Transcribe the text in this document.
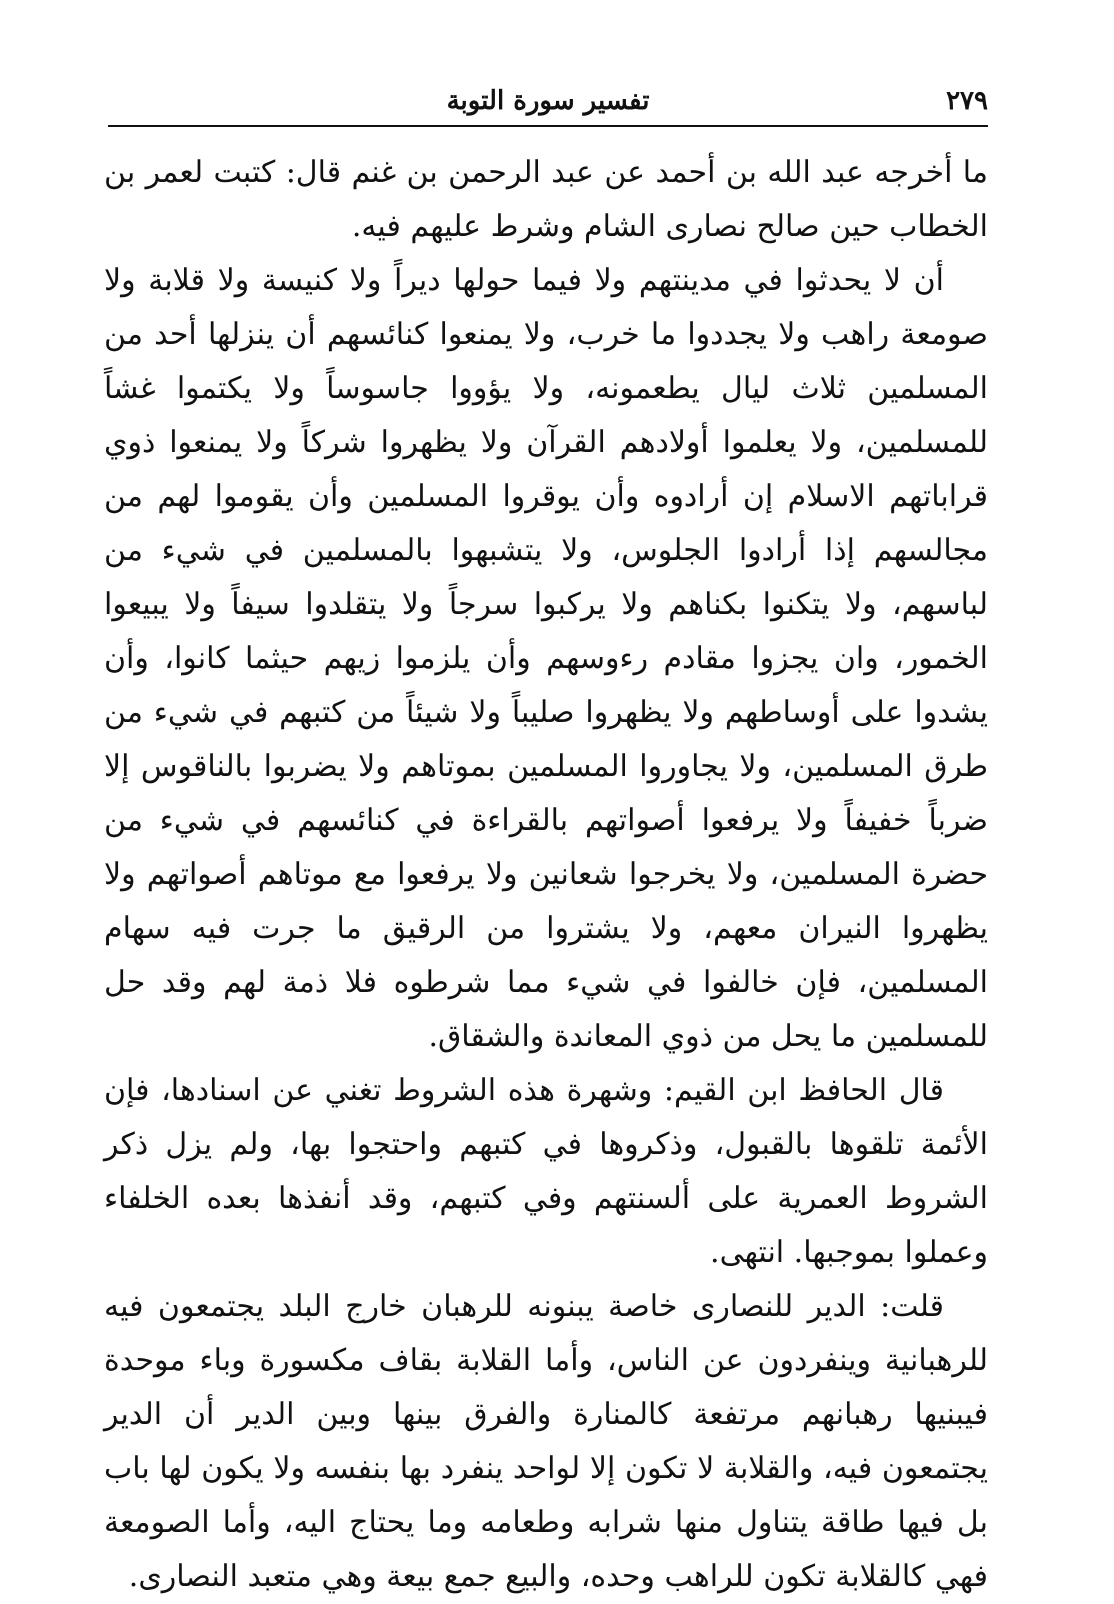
تفسير سورة التوبة	٢٧٩

ما أخرجه عبد الله بن أحمد عن عبد الرحمن بن غنم قال: كتبت لعمر بن الخطاب حين صالح نصارى الشام وشرط عليهم فيه.

أن لا يحدثوا في مدينتهم ولا فيما حولها ديراً ولا كنيسة ولا قلابة ولا صومعة راهب ولا يجددوا ما خرب، ولا يمنعوا كنائسهم أن ينزلها أحد من المسلمين ثلاث ليال يطعمونه، ولا يؤووا جاسوساً ولا يكتموا غشاً للمسلمين، ولا يعلموا أولادهم القرآن ولا يظهروا شركاً ولا يمنعوا ذوي قراباتهم الاسلام إن أرادوه وأن يوقروا المسلمين وأن يقوموا لهم من مجالسهم إذا أرادوا الجلوس، ولا يتشبهوا بالمسلمين في شيء من لباسهم، ولا يتكنوا بكناهم ولا يركبوا سرجاً ولا يتقلدوا سيفاً ولا يبيعوا الخمور، وان يجزوا مقادم رءوسهم وأن يلزموا زيهم حيثما كانوا، وأن يشدوا على أوساطهم ولا يظهروا صليباً ولا شيئاً من كتبهم في شيء من طرق المسلمين، ولا يجاوروا المسلمين بموتاهم ولا يضربوا بالناقوس إلا ضرباً خفيفاً ولا يرفعوا أصواتهم بالقراءة في كنائسهم في شيء من حضرة المسلمين، ولا يخرجوا شعانين ولا يرفعوا مع موتاهم أصواتهم ولا يظهروا النيران معهم، ولا يشتروا من الرقيق ما جرت فيه سهام المسلمين، فإن خالفوا في شيء مما شرطوه فلا ذمة لهم وقد حل للمسلمين ما يحل من ذوي المعاندة والشقاق.

قال الحافظ ابن القيم: وشهرة هذه الشروط تغني عن اسنادها، فإن الأئمة تلقوها بالقبول، وذكروها في كتبهم واحتجوا بها، ولم يزل ذكر الشروط العمرية على ألسنتهم وفي كتبهم، وقد أنفذها بعده الخلفاء وعملوا بموجبها. انتهى.

قلت: الدير للنصارى خاصة يبنونه للرهبان خارج البلد يجتمعون فيه للرهبانية وينفردون عن الناس، وأما القلابة بقاف مكسورة وباء موحدة فيبنيها رهبانهم مرتفعة كالمنارة والفرق بينها وبين الدير أن الدير يجتمعون فيه، والقلابة لا تكون إلا لواحد ينفرد بها بنفسه ولا يكون لها باب بل فيها طاقة يتناول منها شرابه وطعامه وما يحتاج اليه، وأما الصومعة فهي كالقلابة تكون للراهب وحده، والبيع جمع بيعة وهي متعبد النصارى.
